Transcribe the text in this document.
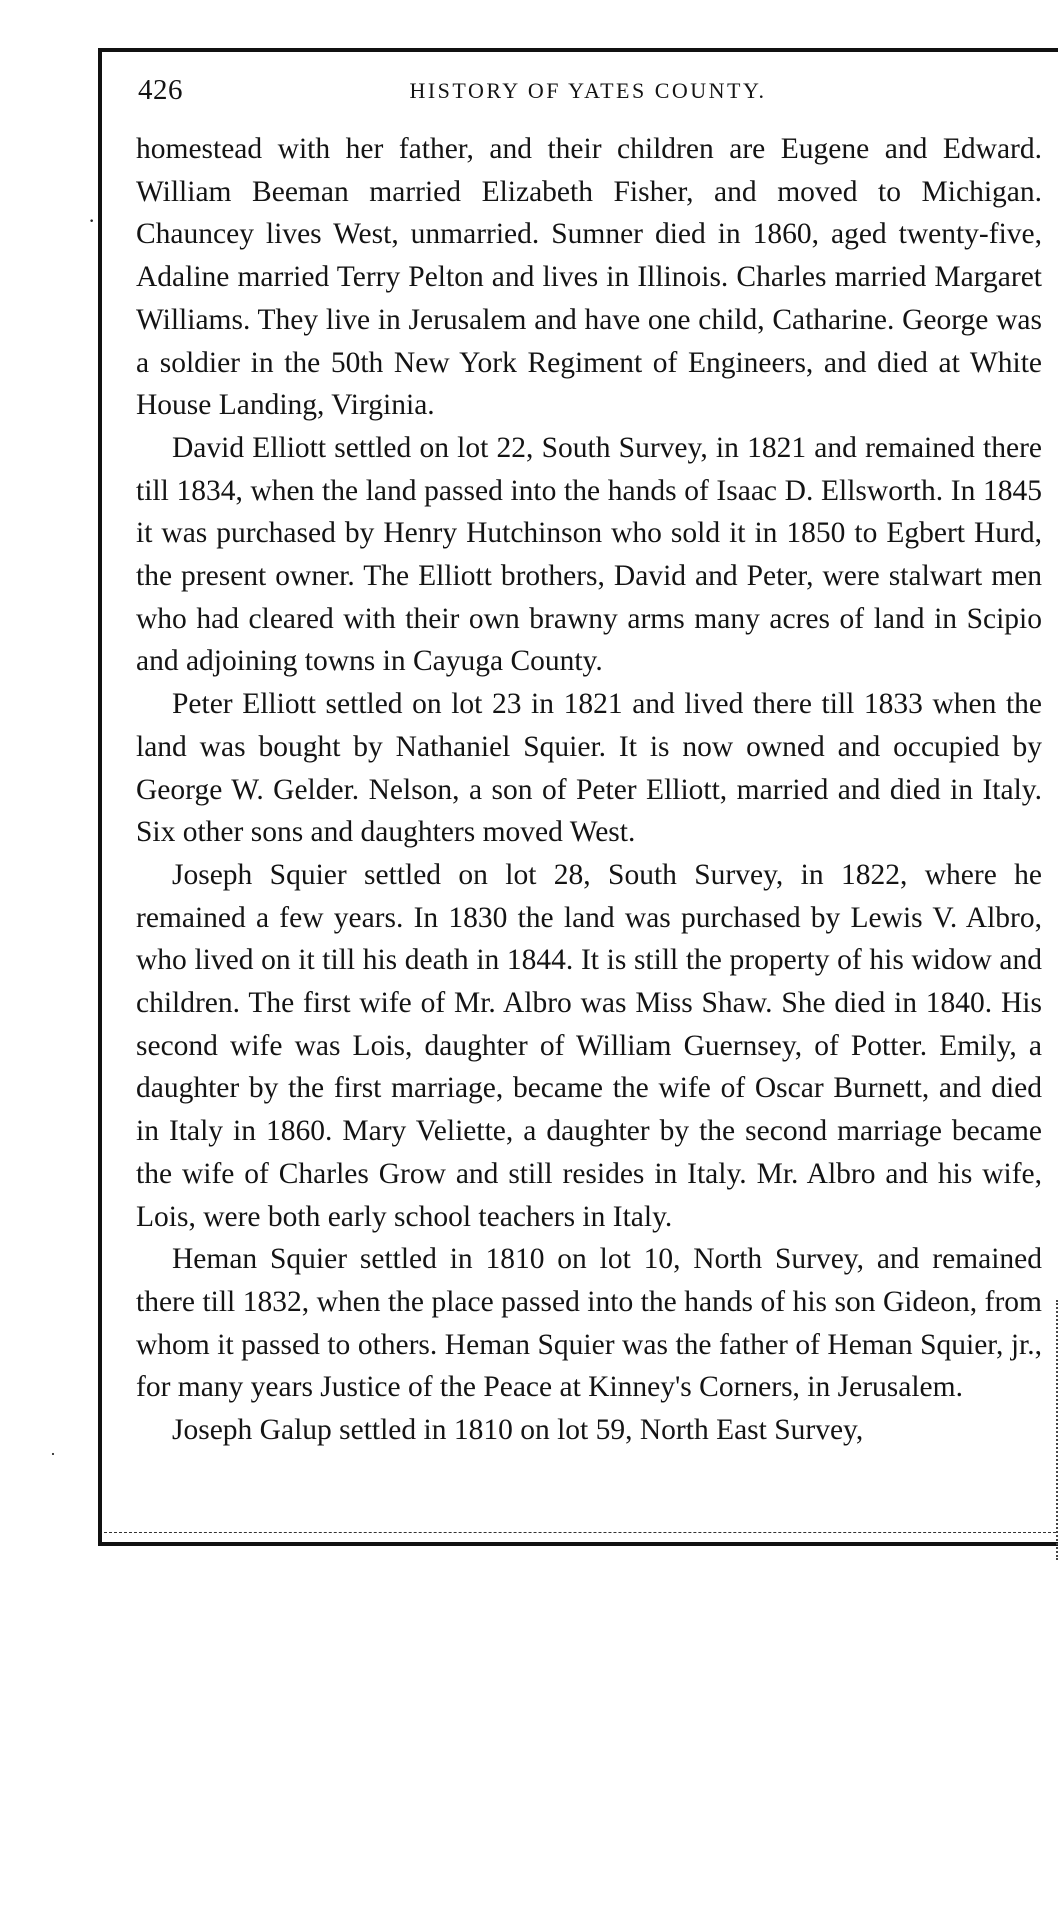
·
·
426	HISTORY OF YATES COUNTY.

homestead with her father, and their children are Eugene and Edward. William Beeman married Elizabeth Fisher, and moved to Michigan. Chauncey lives West, unmarried. Sumner died in 1860, aged twenty-five, Adaline married Terry Pelton and lives in Illinois. Charles married Margaret Williams. They live in Jerusalem and have one child, Catharine. George was a soldier in the 50th New York Regiment of Engineers, and died at White House Landing, Virginia.

David Elliott settled on lot 22, South Survey, in 1821 and remained there till 1834, when the land passed into the hands of Isaac D. Ellsworth. In 1845 it was purchased by Henry Hutchinson who sold it in 1850 to Egbert Hurd, the present owner. The Elliott brothers, David and Peter, were stalwart men who had cleared with their own brawny arms many acres of land in Scipio and adjoining towns in Cayuga County.

Peter Elliott settled on lot 23 in 1821 and lived there till 1833 when the land was bought by Nathaniel Squier. It is now owned and occupied by George W. Gelder. Nelson, a son of Peter Elliott, married and died in Italy. Six other sons and daughters moved West.

Joseph Squier settled on lot 28, South Survey, in 1822, where he remained a few years. In 1830 the land was purchased by Lewis V. Albro, who lived on it till his death in 1844. It is still the property of his widow and children. The first wife of Mr. Albro was Miss Shaw. She died in 1840. His second wife was Lois, daughter of William Guernsey, of Potter. Emily, a daughter by the first marriage, became the wife of Oscar Burnett, and died in Italy in 1860. Mary Veliette, a daughter by the second marriage became the wife of Charles Grow and still resides in Italy. Mr. Albro and his wife, Lois, were both early school teachers in Italy.

Heman Squier settled in 1810 on lot 10, North Survey, and remained there till 1832, when the place passed into the hands of his son Gideon, from whom it passed to others. Heman Squier was the father of Heman Squier, jr., for many years Justice of the Peace at Kinney's Corners, in Jerusalem.

Joseph Galup settled in 1810 on lot 59, North East Survey,
